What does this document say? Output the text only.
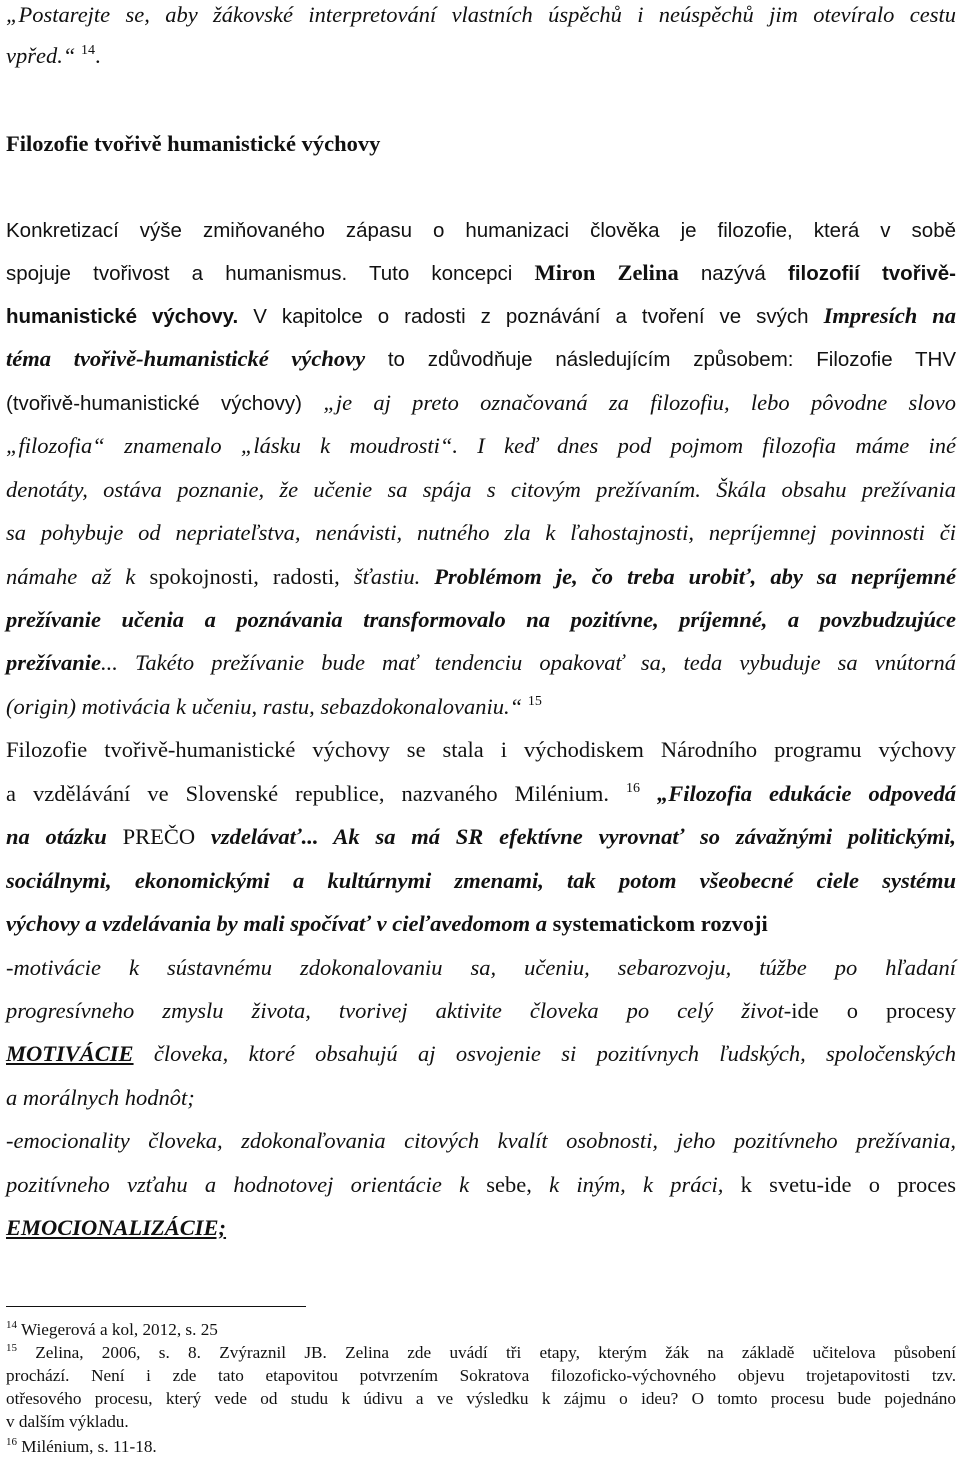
„Postarejte se, aby žákovské interpretování vlastních úspěchů i neúspěchů jim otevíralo cestu
vpřed.“ $^{14}$.
Filozofie tvořivě humanistické výchovy
Konkretizací výše zmiňovaného zápasu o humanizaci člověka je filozofie, která v sobě
spojuje tvořivost a humanismus. Tuto koncepci Miron Zelina nazývá filozofií tvořivě-
humanistické výchovy. V kapitolce o radosti z poznávání a tvoření ve svých Impresích na
téma tvořivě-humanistické výchovy to zdůvodňuje následujícím způsobem: Filozofie THV
(tvořivě-humanistické výchovy) „je aj preto označovaná za filozofiu, lebo pôvodne slovo
„filozofia“ znamenalo „lásku k moudrosti“. I keď dnes pod pojmom filozofia máme iné
denotáty, ostáva poznanie, že učenie sa spája s citovým prežívaním. Škála obsahu prežívania
sa pohybuje od nepriateľstva, nenávisti, nutného zla k ľahostajnosti, nepríjemnej povinnosti či
námahe až k spokojnosti, radosti, šťastiu. Problémom je, čo treba urobiť, aby sa nepríjemné
prežívanie učenia a poznávania transformovalo na pozitívne, príjemné, a povzbudzujúce
prežívanie... Takéto prežívanie bude mať tendenciu opakovať sa, teda vybuduje sa vnútorná
(origin) motivácia k učeniu, rastu, sebazdokonalovaniu.“ $^{15}$
Filozofie tvořivě-humanistické výchovy se stala i východiskem Národního programu výchovy
a vzdělávání ve Slovenské republice, nazvaného Milénium. $^{16}$ „Filozofia edukácie odpovedá
na otázku PREČO vzdelávať... Ak sa má SR efektívne vyrovnať so závažnými politickými,
sociálnymi, ekonomickými a kultúrnymi zmenami, tak potom všeobecné ciele systému
výchovy a vzdelávania by mali spočívať v cieľavedomom a systematickom rozvoji
-motivácie k sústavnému zdokonalovaniu sa, učeniu, sebarozvoju, túžbe po hľadaní
progresívneho zmyslu života, tvorivej aktivite človeka po celý život-ide o procesy
MOTIVÁCIE človeka, ktoré obsahujú aj osvojenie si pozitívnych ľudských, spoločenských
a morálnych hodnôt;
-emocionality človeka, zdokonaľovania citových kvalít osobnosti, jeho pozitívneho prežívania,
pozitívneho vzťahu a hodnotovej orientácie k sebe, k iným, k práci, k svetu-ide o proces
EMOCIONALIZÁCIE;
$^{14}$ Wiegerová a kol, 2012, s. 25
$^{15}$ Zelina, 2006, s. 8. Zvýraznil JB. Zelina zde uvádí tři etapy, kterým žák na základě učitelova působení
prochází. Není i zde tato etapovitou potvrzením Sokratova filozoficko-výchovného objevu trojetapovitosti tzv.
otřesového procesu, který vede od studu k údivu a ve výsledku k zájmu o ideu? O tomto procesu bude pojednáno
v dalším výkladu.
$^{16}$ Milénium, s. 11-18.
